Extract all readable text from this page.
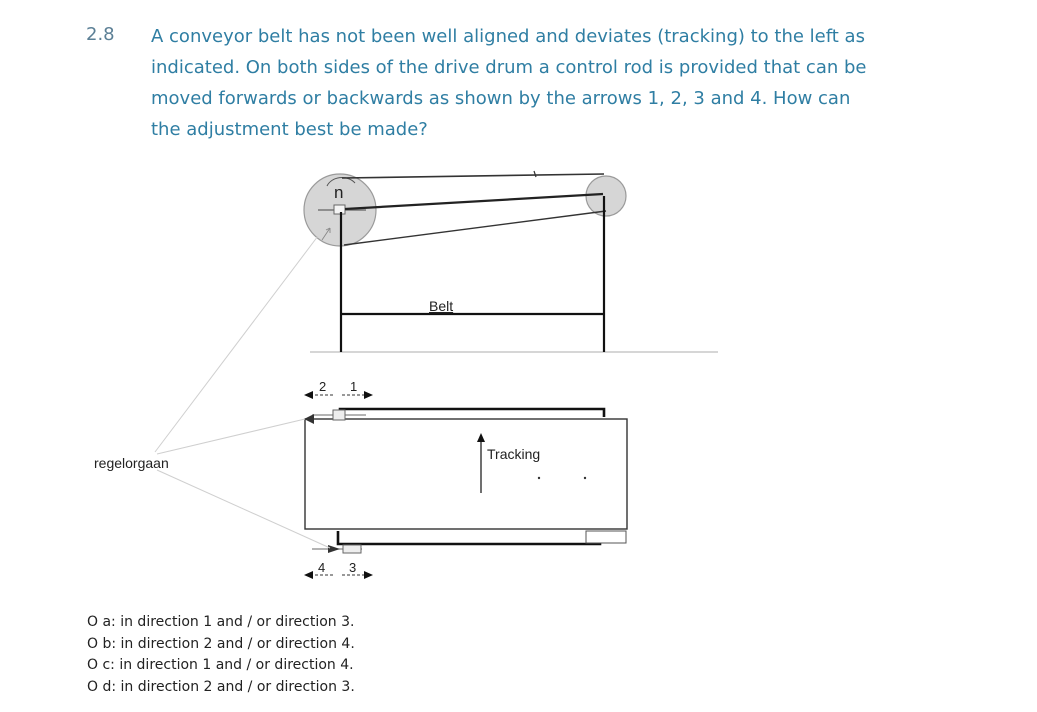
2.8 A conveyor belt has not been well aligned and deviates (tracking) to the left as
indicated. On both sides of the drive drum a control rod is provided that can be
moved forwards or backwards as shown by the arrows 1, 2, 3 and 4. How can
the adjustment best be made?
n
Belt
2 1
4 3
regelorgaan
Tracking
O a: in direction 1 and / or direction 3.
O b: in direction 2 and / or direction 4.
O c: in direction 1 and / or direction 4.
O d: in direction 2 and / or direction 3.
